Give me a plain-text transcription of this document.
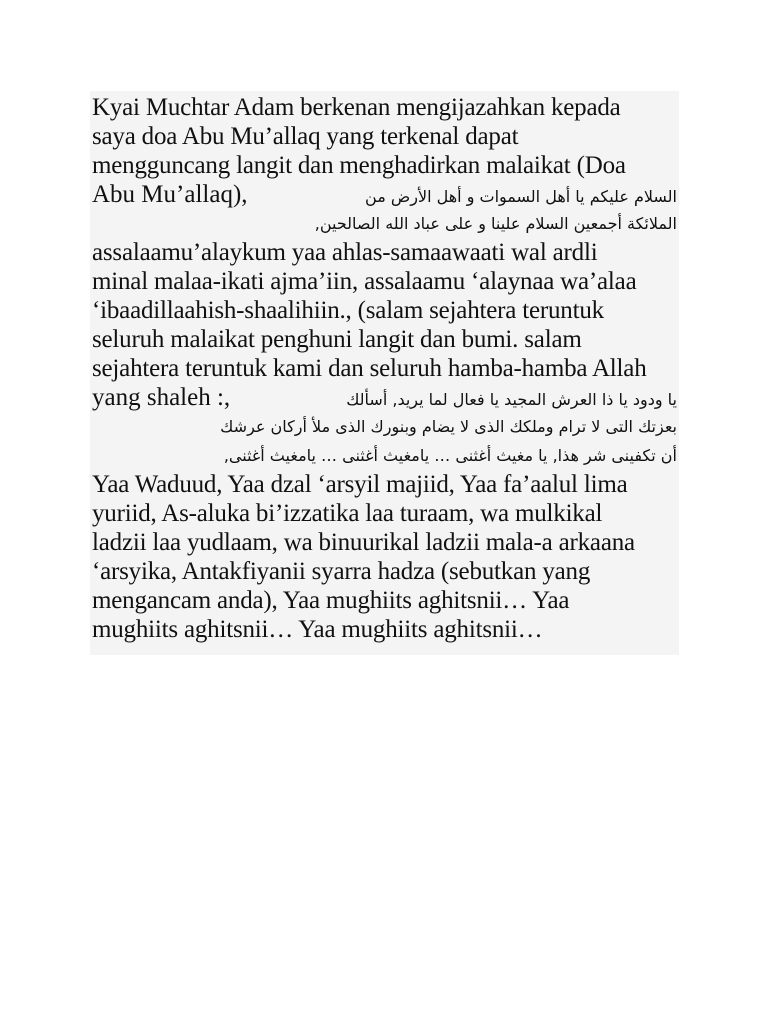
Kyai Muchtar Adam berkenan mengijazahkan kepada

saya doa Abu Mu’allaq yang terkenal dapat

mengguncang langit dan menghadirkan malaikat (Doa

Abu Mu’allaq),	السلام عليكم يا أهل السموات و أهل الأرض من

الملائكة أجمعين السلام علينا و على عباد الله الصالحين,

assalaamu’alaykum yaa ahlas-samaawaati wal ardli

minal malaa-ikati ajma’iin, assalaamu ‘alaynaa wa’alaa

‘ibaadillaahish-shaalihiin., (salam sejahtera teruntuk

seluruh malaikat penghuni langit dan bumi. salam

sejahtera teruntuk kami dan seluruh hamba-hamba Allah

yang shaleh :,	يا ودود يا ذا العرش المجيد يا فعال لما يريد, أسألك

بعزتك التى لا ترام وملكك الذى لا يضام وبنورك الذى ملأ أركان عرشك

أن تكفينى شر هذا, يا مغيث أغثنى … يامغيث أغثنى … يامغيث أغثنى,

Yaa Waduud, Yaa dzal ‘arsyil majiid, Yaa fa’aalul lima

yuriid, As-aluka bi’izzatika laa turaam, wa mulkikal

ladzii laa yudlaam, wa binuurikal ladzii mala-a arkaana

‘arsyika, Antakfiyanii syarra hadza (sebutkan yang

mengancam anda), Yaa mughiits aghitsnii… Yaa

mughiits aghitsnii… Yaa mughiits aghitsnii…
